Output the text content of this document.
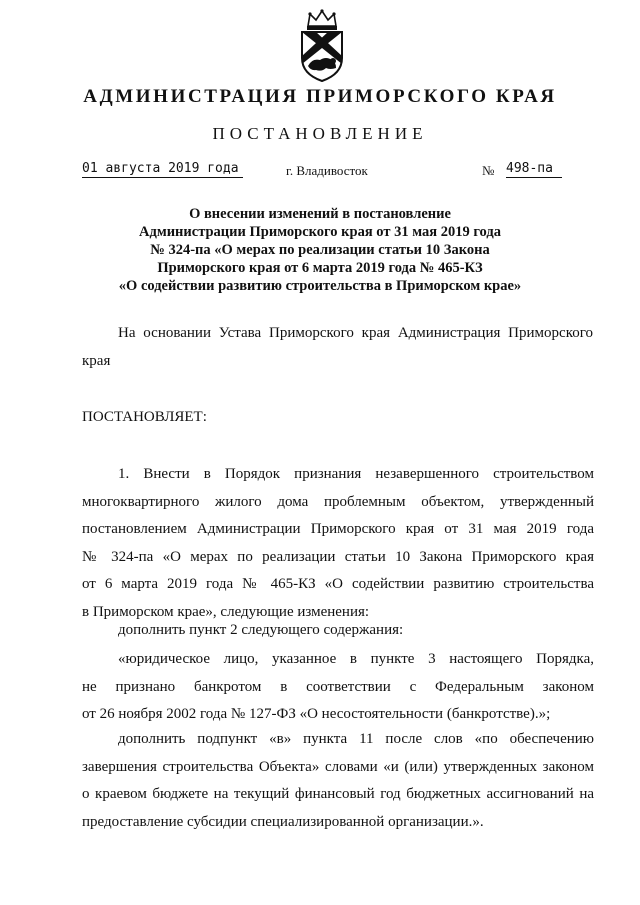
АДМИНИСТРАЦИЯ ПРИМОРСКОГО КРАЯ
ПОСТАНОВЛЕНИЕ
01 августа 2019 года	г. Владивосток	№ 498-па
О внесении изменений в постановление
Администрации Приморского края от 31 мая 2019 года
№ 324-па «О мерах по реализации статьи 10 Закона
Приморского края от 6 марта 2019 года № 465-КЗ
«О содействии развитию строительства в Приморском крае»
На основании Устава Приморского края Администрация Приморского
края
ПОСТАНОВЛЯЕТ:
1. Внести в Порядок признания незавершенного строительством
многоквартирного жилого дома проблемным объектом, утвержденный
постановлением Администрации Приморского края от 31 мая 2019 года
№ 324-па «О мерах по реализации статьи 10 Закона Приморского края
от 6 марта 2019 года № 465-КЗ «О содействии развитию строительства
в Приморском крае», следующие изменения:
дополнить пункт 2 следующего содержания:
«юридическое лицо, указанное в пункте 3 настоящего Порядка,
не признано банкротом в соответствии с Федеральным законом
от 26 ноября 2002 года № 127-ФЗ «О несостоятельности (банкротстве).»;
дополнить подпункт «в» пункта 11 после слов «по обеспечению
завершения строительства Объекта» словами «и (или) утвержденных законом
о краевом бюджете на текущий финансовый год бюджетных ассигнований на
предоставление субсидии специализированной организации.».
